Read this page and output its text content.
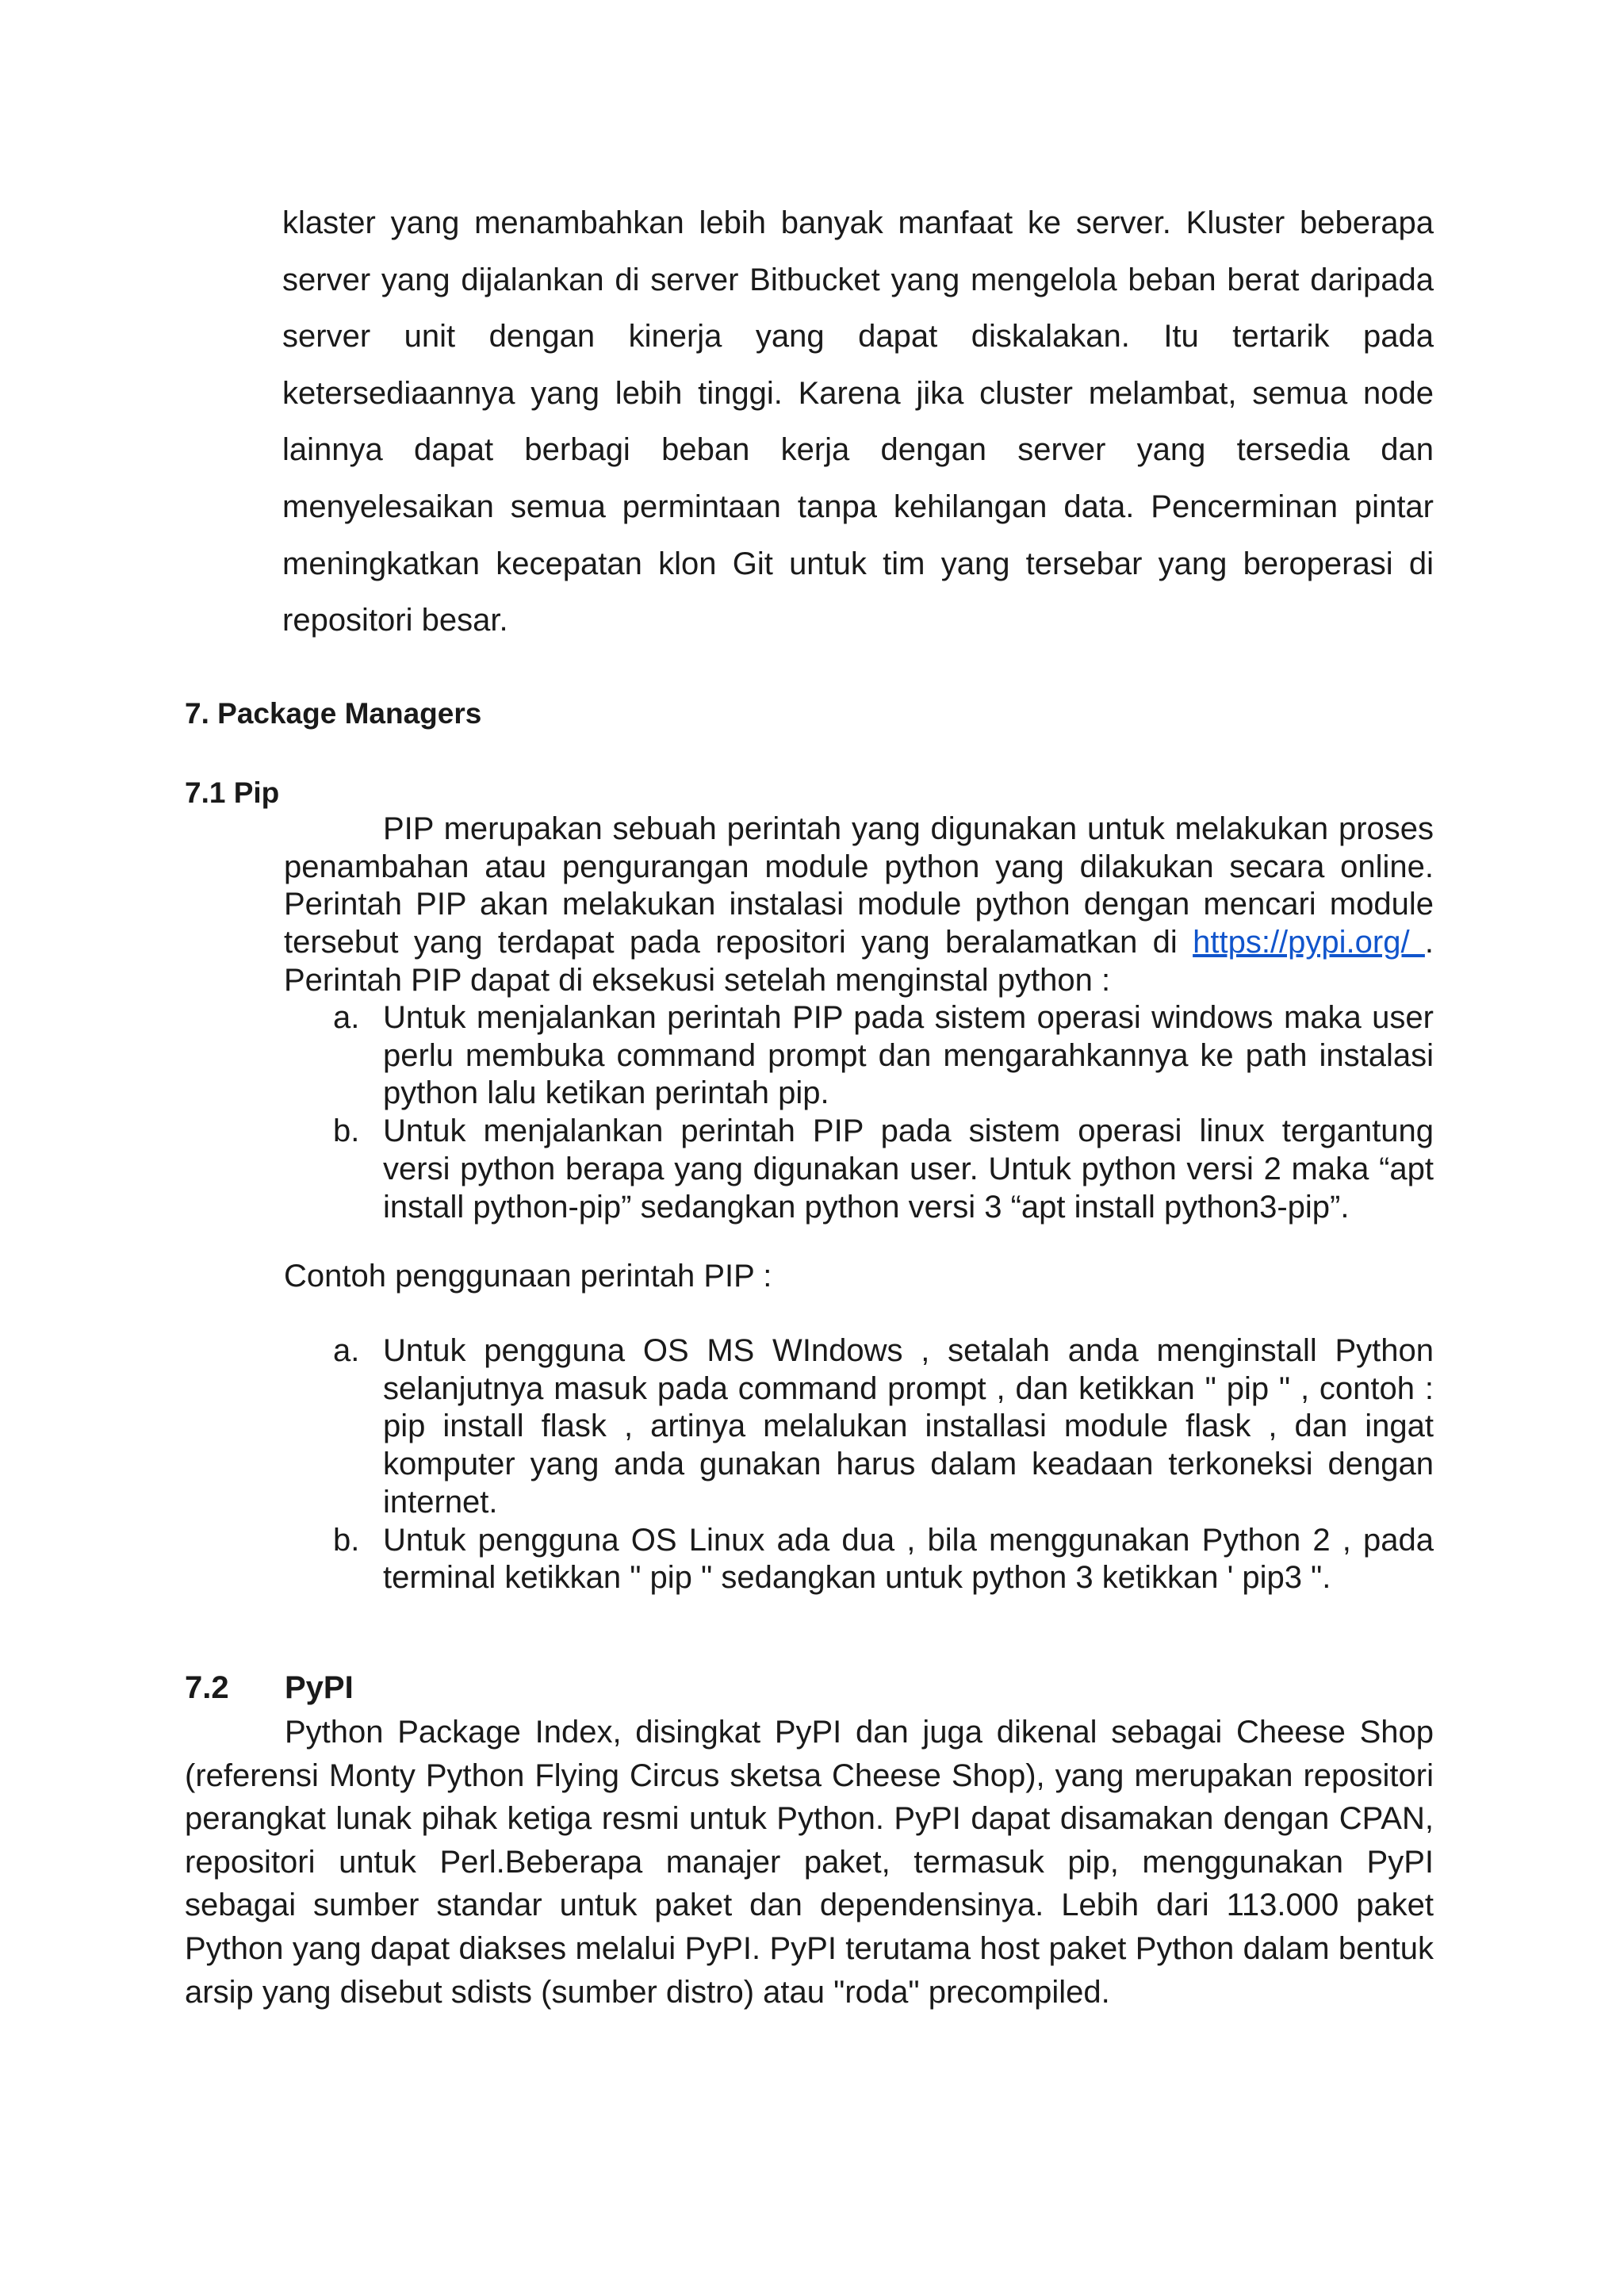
klaster yang menambahkan lebih banyak manfaat ke server. Kluster beberapa server yang dijalankan di server Bitbucket yang mengelola beban berat daripada server unit dengan kinerja yang dapat diskalakan. Itu tertarik pada ketersediaannya yang lebih tinggi. Karena jika cluster melambat, semua node lainnya dapat berbagi beban kerja dengan server yang tersedia dan menyelesaikan semua permintaan tanpa kehilangan data. Pencerminan pintar meningkatkan kecepatan klon Git untuk tim yang tersebar yang beroperasi di repositori besar.

7. Package Managers
7.1 Pip

PIP merupakan sebuah perintah yang digunakan untuk melakukan proses penambahan atau pengurangan module python yang dilakukan secara online. Perintah PIP akan melakukan instalasi module python dengan mencari module tersebut yang terdapat pada repositori yang beralamatkan di https://pypi.org/ . Perintah PIP dapat di eksekusi setelah menginstal python :

a. Untuk menjalankan perintah PIP pada sistem operasi windows maka user perlu membuka command prompt dan mengarahkannya ke path instalasi python lalu ketikan perintah pip.
b. Untuk menjalankan perintah PIP pada sistem operasi linux tergantung versi python berapa yang digunakan user. Untuk python versi 2 maka “apt install python-pip” sedangkan python versi 3 “apt install python3-pip”.
Contoh penggunaan perintah PIP :
a. Untuk pengguna OS MS WIndows , setalah anda menginstall Python selanjutnya masuk pada command prompt , dan ketikkan " pip " , contoh : pip install flask , artinya melalukan installasi module flask , dan ingat komputer yang anda gunakan harus dalam keadaan terkoneksi dengan internet.
b. Untuk pengguna OS Linux ada dua , bila menggunakan Python 2 , pada terminal ketikkan " pip " sedangkan untuk python 3 ketikkan ' pip3 ".
7.2 PyPI

Python Package Index, disingkat PyPI dan juga dikenal sebagai Cheese Shop (referensi Monty Python Flying Circus sketsa Cheese Shop), yang merupakan repositori perangkat lunak pihak ketiga resmi untuk Python. PyPI dapat disamakan dengan CPAN, repositori untuk Perl.Beberapa manajer paket, termasuk pip, menggunakan PyPI sebagai sumber standar untuk paket dan dependensinya. Lebih dari 113.000 paket Python yang dapat diakses melalui PyPI. PyPI terutama host paket Python dalam bentuk arsip yang disebut sdists (sumber distro) atau "roda" precompiled.
